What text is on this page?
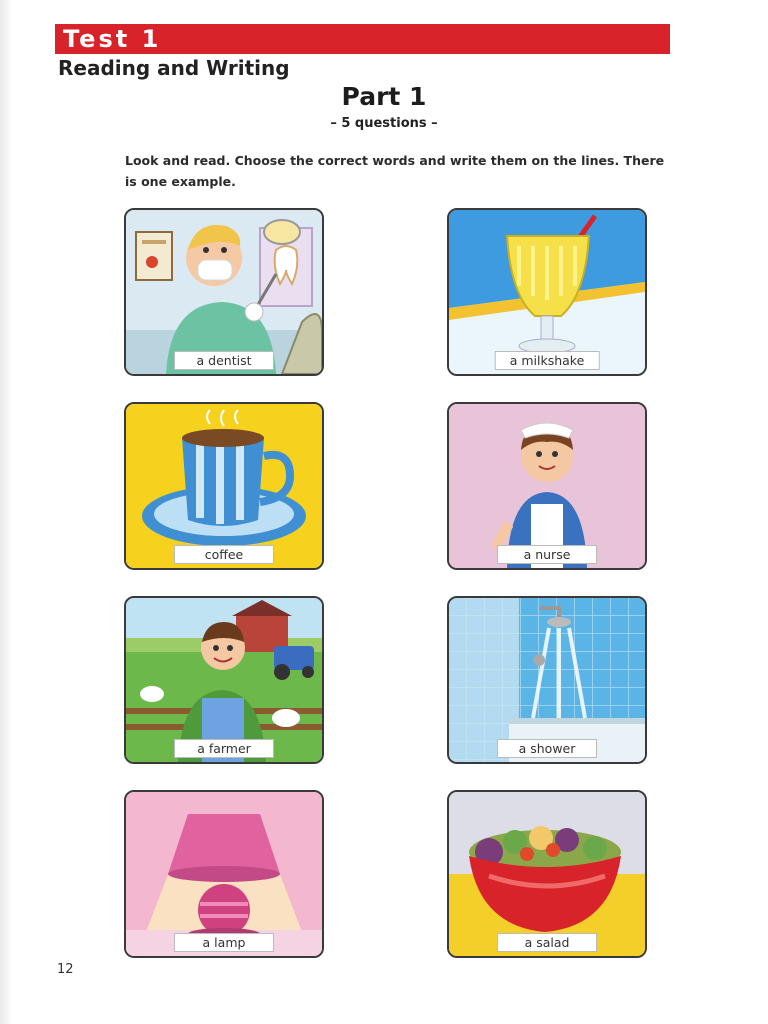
Test 1
Reading and Writing
Part 1
– 5 questions –
Look and read. Choose the correct words and write them on the lines. There is one example.
a dentist	a milkshake
coffee	a nurse
a farmer	a shower
a lamp	a salad
12
